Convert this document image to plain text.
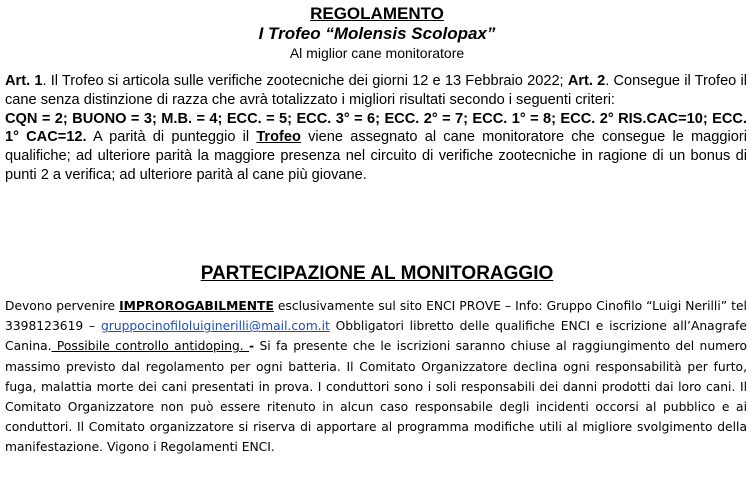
REGOLAMENTO
I Trofeo “Molensis Scolopax”
Al miglior cane monitoratore

Art. 1. Il Trofeo si articola sulle verifiche zootecniche dei giorni 12 e 13 Febbraio 2022; Art. 2. Consegue il Trofeo il cane senza distinzione di razza che avrà totalizzato i migliori risultati secondo i seguenti criteri:
CQN = 2; BUONO = 3; M.B. = 4; ECC. = 5; ECC. 3° = 6; ECC. 2° = 7; ECC. 1° = 8; ECC. 2° RIS.CAC=10; ECC. 1° CAC=12. A parità di punteggio il Trofeo viene assegnato al cane monitoratore che consegue le maggiori qualifiche; ad ulteriore parità la maggiore presenza nel circuito di verifiche zootecniche in ragione di un bonus di punti 2 a verifica; ad ulteriore parità al cane più giovane.

PARTECIPAZIONE AL MONITORAGGIO

Devono pervenire IMPROROGABILMENTE esclusivamente sul sito ENCI PROVE – Info: Gruppo Cinofilo “Luigi Nerilli” tel 3398123619 – gruppocinofiloluiginerilli@mail.com.it Obbligatori libretto delle qualifiche ENCI e iscrizione all’Anagrafe Canina. Possibile controllo antidoping. - Si fa presente che le iscrizioni saranno chiuse al raggiungimento del numero massimo previsto dal regolamento per ogni batteria. Il Comitato Organizzatore declina ogni responsabilità per furto, fuga, malattia morte dei cani presentati in prova. I conduttori sono i soli responsabili dei danni prodotti dai loro cani. Il Comitato Organizzatore non può essere ritenuto in alcun caso responsabile degli incidenti occorsi al pubblico e ai conduttori. Il Comitato organizzatore si riserva di apportare al programma modifiche utili al migliore svolgimento della manifestazione. Vigono i Regolamenti ENCI.
